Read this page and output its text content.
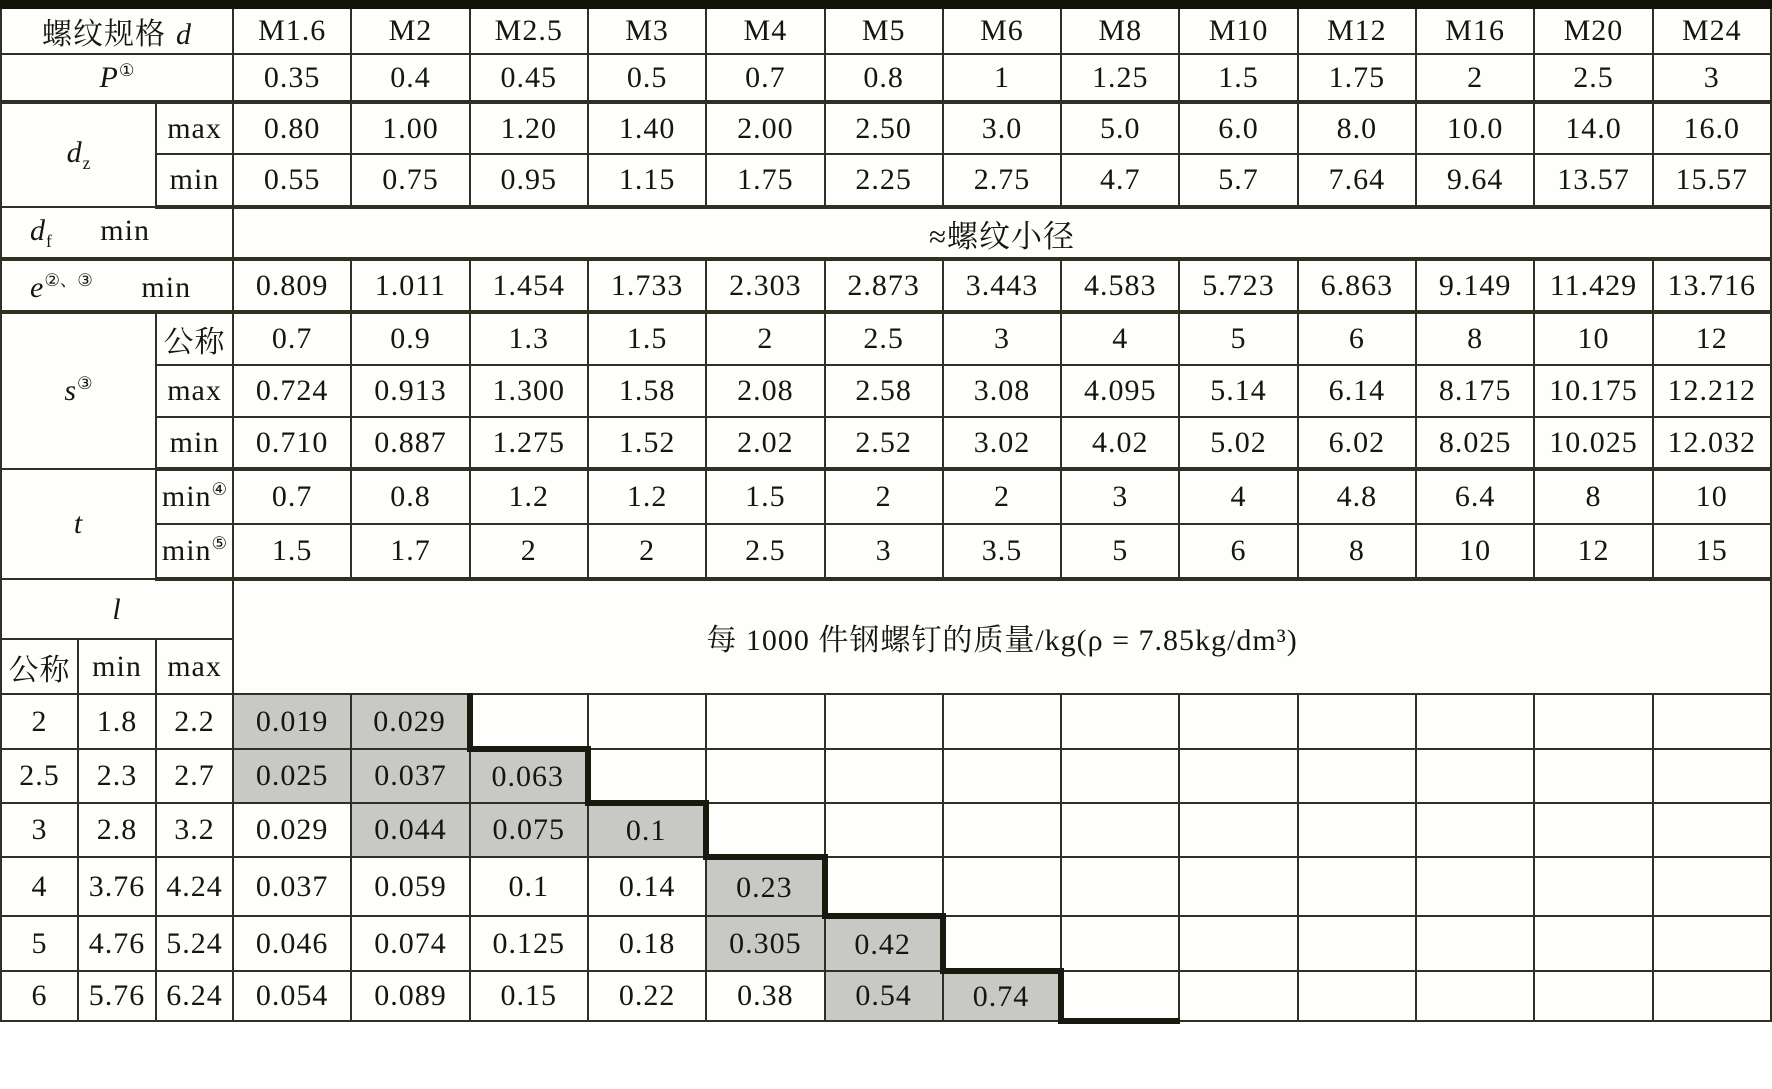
螺纹规格 d			M1.6	M2	M2.5	M3	M4	M5	M6	M8	M10	M12	M16	M20	M24
P①			0.35	0.4	0.45	0.5	0.7	0.8	1	1.25	1.5	1.75	2	2.5	3
$d_z$		max	0.80	1.00	1.20	1.40	2.00	2.50	3.0	5.0	6.0	8.0	10.0	14.0	16.0
		min	0.55	0.75	0.95	1.15	1.75	2.25	2.75	4.7	5.7	7.64	9.64	13.57	15.57
$d_f$ min			≈螺纹小径												
e②、③ min			0.809	1.011	1.454	1.733	2.303	2.873	3.443	4.583	5.723	6.863	9.149	11.429	13.716
s③		公称	0.7	0.9	1.3	1.5	2	2.5	3	4	5	6	8	10	12
		max	0.724	0.913	1.300	1.58	2.08	2.58	3.08	4.095	5.14	6.14	8.175	10.175	12.212
		min	0.710	0.887	1.275	1.52	2.02	2.52	3.02	4.02	5.02	6.02	8.025	10.025	12.032
t		min④	0.7	0.8	1.2	1.2	1.5	2	2	3	4	4.8	6.4	8	10
		min⑤	1.5	1.7	2	2	2.5	3	3.5	5	6	8	10	12	15
l			每 1000 件钢螺钉的质量/kg(ρ = 7.85kg/dm³)												
公称	min	max													
2	1.8	2.2	0.019	0.029											
2.5	2.3	2.7	0.025	0.037	0.063										
3	2.8	3.2	0.029	0.044	0.075	0.1									
4	3.76	4.24	0.037	0.059	0.1	0.14	0.23								
5	4.76	5.24	0.046	0.074	0.125	0.18	0.305	0.42							
6	5.76	6.24	0.054	0.089	0.15	0.22	0.38	0.54	0.74						
